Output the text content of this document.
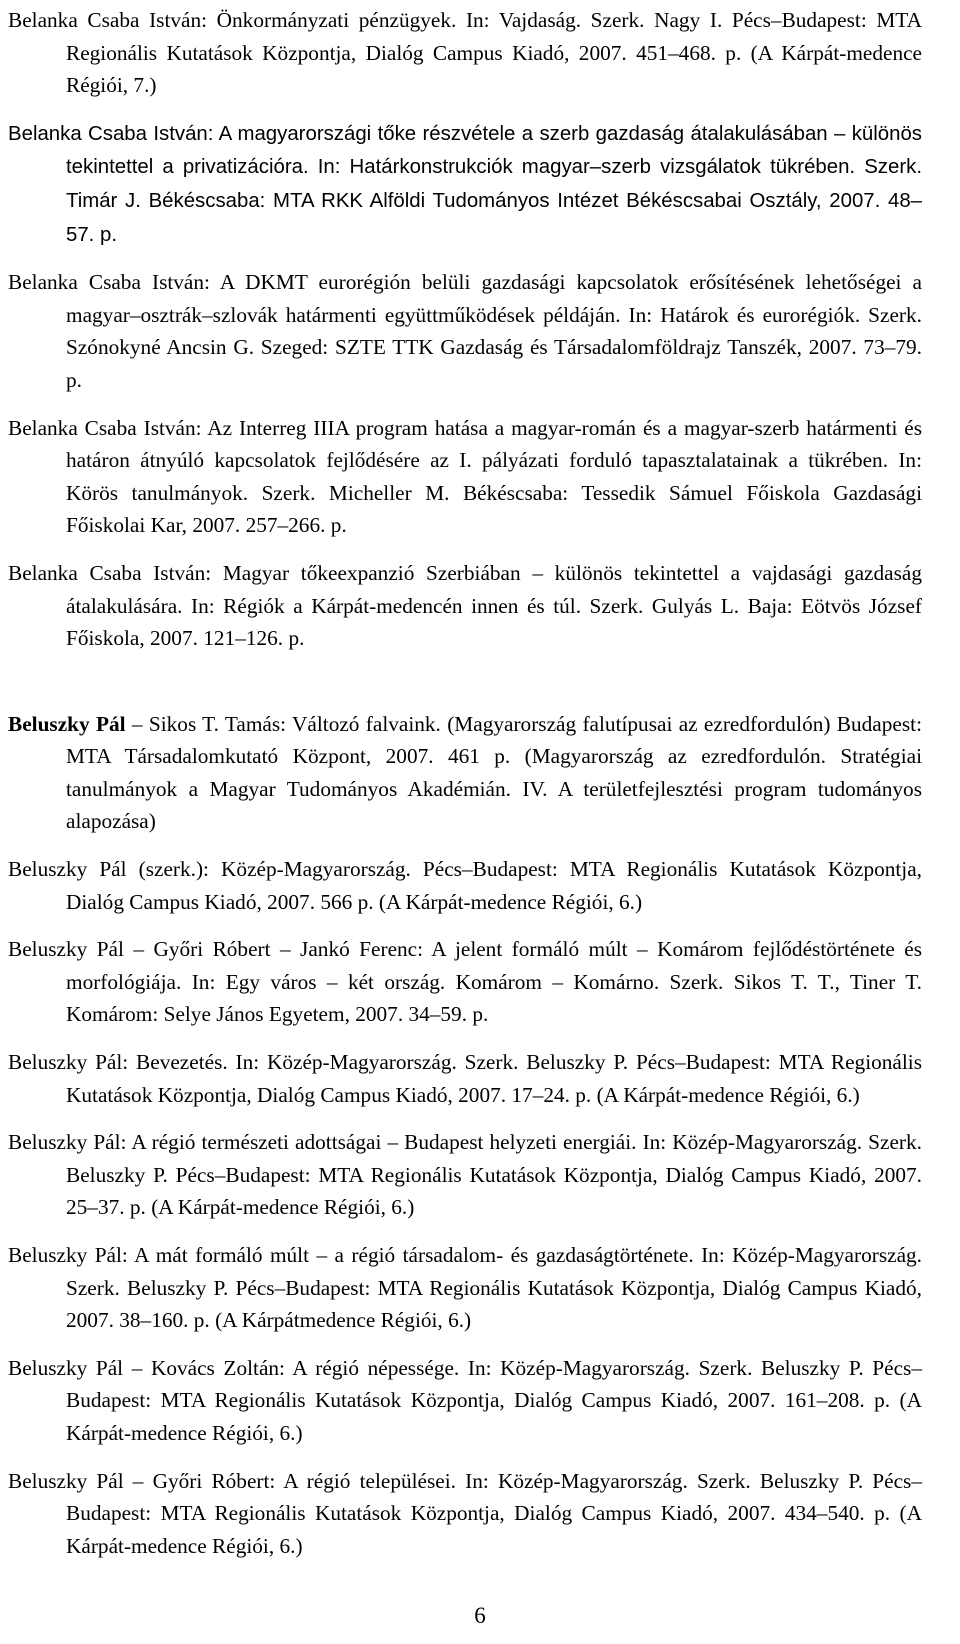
Belanka Csaba István: Önkormányzati pénzügyek. In: Vajdaság. Szerk. Nagy I. Pécs–Budapest: MTA Regionális Kutatások Központja, Dialóg Campus Kiadó, 2007. 451–468. p. (A Kárpát-medence Régiói, 7.)

Belanka Csaba István: A magyarországi tőke részvétele a szerb gazdaság átalakulásában – különös tekintettel a privatizációra. In: Határkonstrukciók magyar–szerb vizsgálatok tükrében. Szerk. Timár J. Békéscsaba: MTA RKK Alföldi Tudományos Intézet Békéscsabai Osztály, 2007. 48–57. p.

Belanka Csaba István: A DKMT eurorégión belüli gazdasági kapcsolatok erősítésének lehetőségei a magyar–osztrák–szlovák határmenti együttműködések példáján. In: Határok és eurorégiók. Szerk. Szónokyné Ancsin G. Szeged: SZTE TTK Gazdaság és Társadalomföldrajz Tanszék, 2007. 73–79. p.

Belanka Csaba István: Az Interreg IIIA program hatása a magyar-román és a magyar-szerb határmenti és határon átnyúló kapcsolatok fejlődésére az I. pályázati forduló tapasztalatainak a tükrében. In: Körös tanulmányok. Szerk. Micheller M. Békéscsaba: Tessedik Sámuel Főiskola Gazdasági Főiskolai Kar, 2007. 257–266. p.

Belanka Csaba István: Magyar tőkeexpanzió Szerbiában – különös tekintettel a vajdasági gazdaság átalakulására. In: Régiók a Kárpát-medencén innen és túl. Szerk. Gulyás L. Baja: Eötvös József Főiskola, 2007. 121–126. p.

Beluszky Pál – Sikos T. Tamás: Változó falvaink. (Magyarország falutípusai az ezredfordulón) Budapest: MTA Társadalomkutató Központ, 2007. 461 p. (Magyarország az ezredfordulón. Stratégiai tanulmányok a Magyar Tudományos Akadémián. IV. A területfejlesztési program tudományos alapozása)

Beluszky Pál (szerk.): Közép-Magyarország. Pécs–Budapest: MTA Regionális Kutatások Központja, Dialóg Campus Kiadó, 2007. 566 p. (A Kárpát-medence Régiói, 6.)

Beluszky Pál – Győri Róbert – Jankó Ferenc: A jelent formáló múlt – Komárom fejlődéstörténete és morfológiája. In: Egy város – két ország. Komárom – Komárno. Szerk. Sikos T. T., Tiner T. Komárom: Selye János Egyetem, 2007. 34–59. p.

Beluszky Pál: Bevezetés. In: Közép-Magyarország. Szerk. Beluszky P. Pécs–Budapest: MTA Regionális Kutatások Központja, Dialóg Campus Kiadó, 2007. 17–24. p. (A Kárpát-medence Régiói, 6.)

Beluszky Pál: A régió természeti adottságai – Budapest helyzeti energiái. In: Közép-Magyarország. Szerk. Beluszky P. Pécs–Budapest: MTA Regionális Kutatások Központja, Dialóg Campus Kiadó, 2007. 25–37. p. (A Kárpát-medence Régiói, 6.)

Beluszky Pál: A mát formáló múlt – a régió társadalom- és gazdaságtörténete. In: Közép-Magyarország. Szerk. Beluszky P. Pécs–Budapest: MTA Regionális Kutatások Központja, Dialóg Campus Kiadó, 2007. 38–160. p. (A Kárpátmedence Régiói, 6.)

Beluszky Pál – Kovács Zoltán: A régió népessége. In: Közép-Magyarország. Szerk. Beluszky P. Pécs–Budapest: MTA Regionális Kutatások Központja, Dialóg Campus Kiadó, 2007. 161–208. p. (A Kárpát-medence Régiói, 6.)

Beluszky Pál – Győri Róbert: A régió települései. In: Közép-Magyarország. Szerk. Beluszky P. Pécs–Budapest: MTA Regionális Kutatások Központja, Dialóg Campus Kiadó, 2007. 434–540. p. (A Kárpát-medence Régiói, 6.)

6
